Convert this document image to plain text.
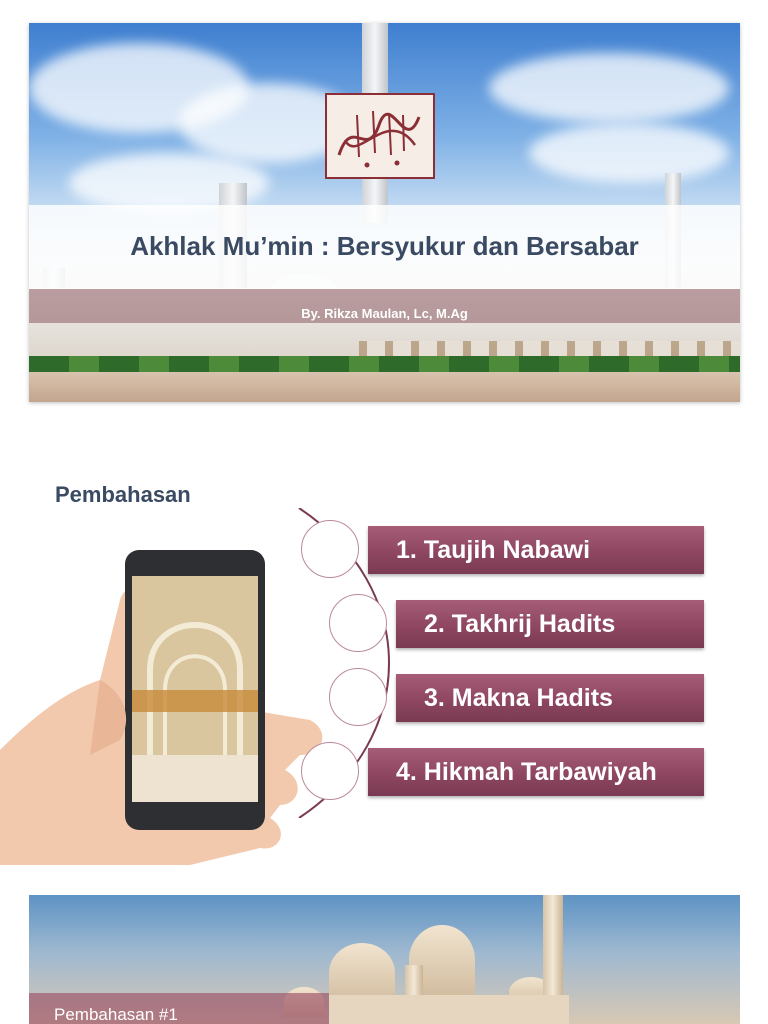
Akhlak Mu’min : Bersyukur dan Bersabar
By. Rikza Maulan, Lc, M.Ag
Pembahasan
1. Taujih Nabawi
2. Takhrij Hadits
3. Makna Hadits
4. Hikmah Tarbawiyah
Pembahasan #1
